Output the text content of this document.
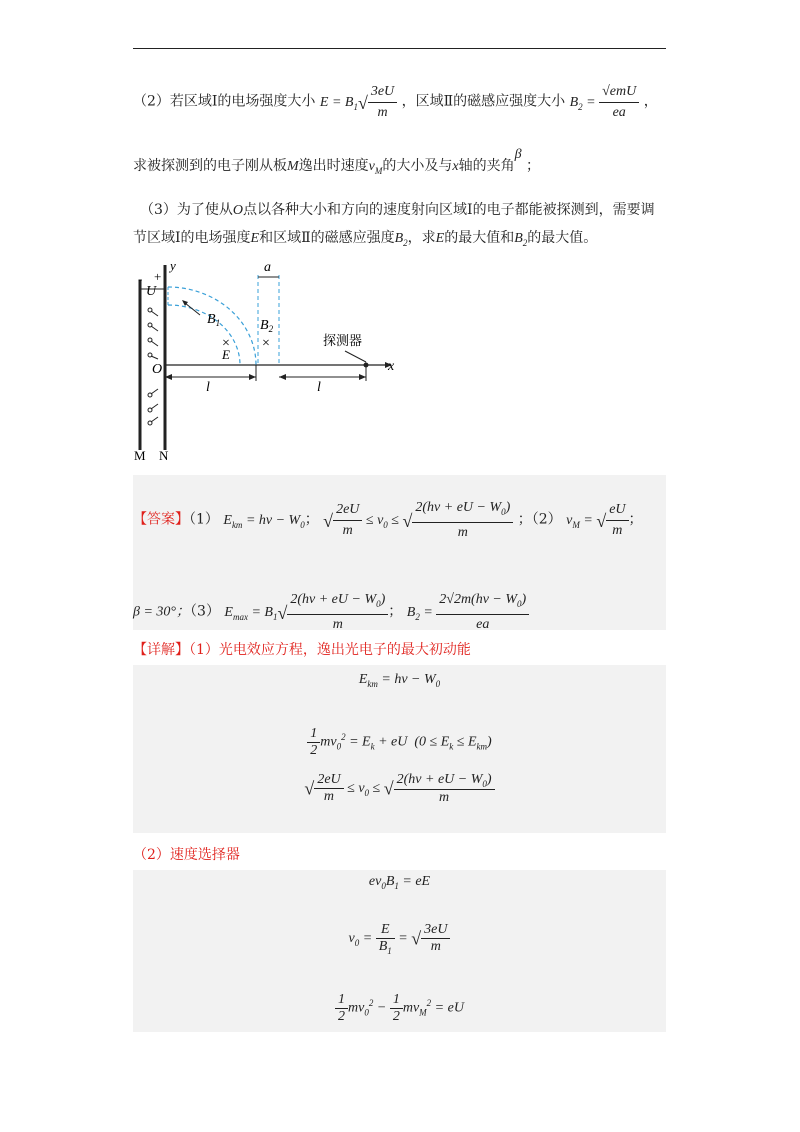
（2）若区域Ⅰ的电场强度大小 $E = B_1√ \frac{3eU}{m}$ ，区域Ⅱ的磁感应强度大小 $B_2 = \frac{\text{√emU}}{ea}$ ，
求被探测到的电子刚从板M逸出时速度$v_M$的大小及与x轴的夹角β ；
（3）为了使从O点以各种大小和方向的速度射向区域Ⅰ的电子都能被探测到，需要调
节区域Ⅰ的电场强度E和区域Ⅱ的磁感应强度$B_2$，求E的最大值和$B_2$的最大值。
- +
y
U
x
O
a
$B_1$
×
E
$B_2$
×	探测器
l	l
M N
【答案】（1） $E_{km} = h\nu - W_0$； √ $\frac{2eU}{m} \le v_0$ ≤ √ $\frac{2(h\nu + eU - W_0)}{m}$ ；（2） $v_M$ = √ $\frac{eU}{m}$ ；
β = 30°；（3） $E_{max} = B_1√ \frac{2(h\nu + eU - W_0)}{m}$ ； $B_2 = \frac{2√2m(h\nu - W_0)}{ea}$
【详解】（1）光电效应方程，逸出光电子的最大初动能
$E_{km} = h\nu - W_0$
$\frac{1}{2} mv_0^2 = E_k$ + eU  $(0 \le E_k \le E_{km})$
√ $\frac{2eU}{m} \le v_0$ ≤ √ $\frac{2(h\nu + eU - W_0)}{m}$
（2）速度选择器
$ev_0B_1$ = eE
$v_0 = \frac{E}{B_1}$ = √ $\frac{3eU}{m}$
$\frac{1}{2} mv_0^2 - \frac{1}{2} mv_M^2$ = eU
